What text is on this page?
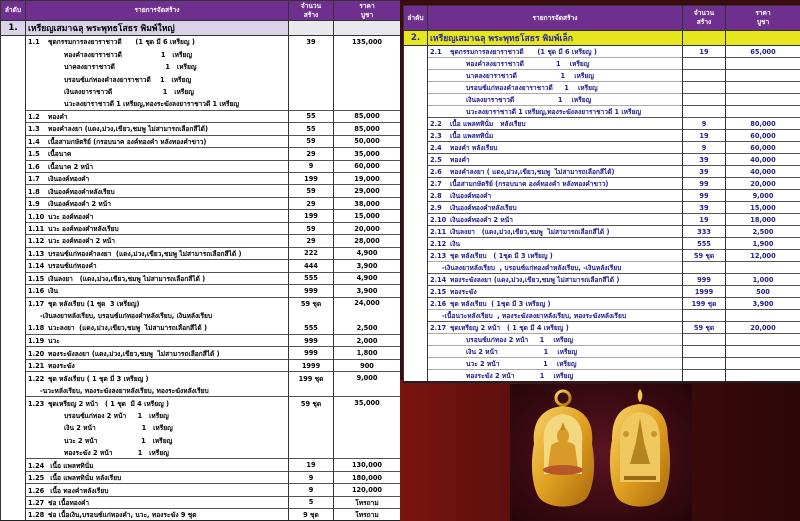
ลำดับ	รายการจัดสร้าง	จำนวน
สร้าง	ราคา
บูชา
1.	เหรียญเสมาฉลุ พระพุทธโสธร พิมพ์ใหญ่		
	1.1 ชุดกรรมการลงยาราชาวดี      (1 ชุด มี 6 เหรียญ )	39	135,000
	ทองคำลงยาราชาวดี                 1   เหรียญ		
	นาคลงยาราชาวดี                      1   เหรียญ		
	บรอนซ์แก่ทองคำลงยาราชาวดี    1   เหรียญ		
	เงินลงยาราชาวดี                      1   เหรียญ		
	นวะลงยาราชาวดี 1 เหรียญ,ทองระฆังลงยาราชาวดี 1 เหรียญ		
	1.2 ทองคำ	55	85,000
	1.3 ทองคำลงยา (แดง,ม่วง,เขียว,ชมพู ไม่สามารถเลือกสีได้)	55	85,000
	1.4 เนื้อสามกษัตริย์ (กรอบนาค องค์ทองคำ หลังทองคำขาว)	59	50,000
	1.5 เนื้อนาค	29	35,000
	1.6 เนื้อนาค 2 หน้า	9	60,000
	1.7 เงินองค์ทองคำ	199	19,000
	1.8 เงินองค์ทองคำหลังเรียบ	59	29,000
	1.9 เงินองค์ทองคำ 2 หน้า	29	38,000
	1.10 นวะ องค์ทองคำ	199	15,000
	1.11 นวะ องค์ทองคำหลังเรียบ	59	20,000
	1.12 นวะ องค์ทองคำ 2 หน้า	29	28,000
	1.13 บรอนซ์แก่ทองคำลงยา  (แดง,ม่วง,เขียว,ชมพู ไม่สามารถเลือกสีได้ )	222	4,900
	1.14 บรอนซ์แก่ทองคำ	444	3,900
	1.15 เงินลงยา   (แดง,ม่วง,เขียว,ชมพู ไม่สามารถเลือกสีได้ )	555	4,900
	1.16 เงิน	999	3,900
	1.17 ชุด หลังเรียบ (1 ชุด  3 เหรียญ)	59 ชุด	24,000
	-เงินลงยาหลังเรียบ, บรอนซ์แก่ทองคำหลังเรียบ, เงินหลังเรียบ		
	1.18 นวะลงยา  (แดง,ม่วง,เขียว,ชมพู  ไม่สามารถเลือกสีได้ )	555	2,500
	1.19 นวะ	999	2,000
	1.20 ทองระฆังลงยา (แดง,ม่วง,เขียว,ชมพู  ไม่สามารถเลือกสีได้ )	999	1,800
	1.21 ทองระฆัง	1999	900
	1.22 ชุด หลังเรียบ ( 1 ชุด มี 3 เหรียญ )	199 ชุด	9,000
	-นวะหลังเรียบ, ทองระฆังลงยาหลังเรียบ, ทองระฆังหลังเรียบ		
	1.23 ชุดเหรียญ 2 หน้า   ( 1 ชุด  มี 4 เหรียญ )	59 ชุด	35,000
	บรอนซ์แก่ทอง 2 หน้า     1   เหรียญ		
	เงิน 2 หน้า                    1   เหรียญ		
	นวะ 2 หน้า                   1   เหรียญ		
	ทองระฆัง 2 หน้า           1   เหรียญ		
	1.24 เนื้อ แพลททินั่ม	19	130,000
	1.25 เนื้อ แพลททินั่ม หลังเรียบ	9	180,000
	1.26 เนื้อ ทองคำหลังเรียบ	9	120,000
	1.27 ช่อ เนื้อทองคำ	5	โทรถาม
	1.28 ช่อ เนื้อเงิน,บรอนซ์แก่ทองคำ, นวะ, ทองระฆัง 9 ชุด	9 ชุด	โทรถาม
ลำดับ	รายการจัดสร้าง	จำนวน
สร้าง	ราคา
บูชา
2.	เหรียญเสมาฉลุ พระพุทธโสธร พิมพ์เล็ก		
	2.1 ชุดกรรมการลงยาราชาวดี      (1 ชุด มี 6 เหรียญ )	19	65,000
	ทองคำลงยาราชาวดี              1    เหรียญ		
	นาคลงยาราชาวดี                   1    เหรียญ		
	บรอนซ์แก่ทองคำลงยาราชาวดี     1    เหรียญ		
	เงินลงยาราชาวดี                   1    เหรียญ		
	นวะลงยาราชาวดี 1 เหรียญ,ทองระฆังลงยาราชาวดี 1 เหรียญ		
	2.2 เนื้อ แพลททินั่ม   หลังเรียบ	9	80,000
	2.3 เนื้อ แพลททินั่ม	19	60,000
	2.4 ทองคำ หลังเรียบ	9	60,000
	2.5 ทองคำ	39	40,000
	2.6 ทองคำลงยา ( แดง,ม่วง,เขียว,ชมพู  ไม่สามารถเลือกสีได้)	39	40,000
	2.7 เนื้อสามกษัตริย์ (กรอบนาค องค์ทองคำ หลังทองคำขาว)	99	20,000
	2.8 เงินองค์ทองคำ	99	9,000
	2.9 เงินองค์ทองคำหลังเรียบ	39	15,000
	2.10 เงินองค์ทองคำ 2 หน้า	19	18,000
	2.11 เงินลงยา   (แดง,ม่วง,เขียว,ชมพู  ไม่สามารถเลือกสีได้ )	333	2,500
	2.12 เงิน	555	1,900
	2.13 ชุด หลังเรียบ   ( 1ชุด มี 3 เหรียญ )	59 ชุด	12,000
	-เงินลงยาหลังเรียบ  , บรอนซ์แก่ทองคำหลังเรียบ, -เงินหลังเรียบ		
	2.14 ทองระฆังลงยา (แดง,ม่วง,เขียว,ชมพู ไม่สามารถเลือกสีได้ )	999	1,000
	2.15 ทองระฆัง	1999	500
	2.16 ชุด หลังเรียบ  ( 1ชุด มี 3 เหรียญ )	199 ชุด	3,900
	-เนื้อนวะหลังเรียบ  , ทองระฆังลงยาหลังเรียบ, ทองระฆังหลังเรียบ		
	2.17 ชุดเหรียญ 2 หน้า   ( 1 ชุด มี 4 เหรียญ )	59 ชุด	20,000
	บรอนซ์แก่ทอง 2 หน้า     1    เหรียญ		
	เงิน 2 หน้า                    1    เหรียญ		
	นวะ 2 หน้า                   1    เหรียญ		
	ทองระฆัง 2 หน้า           1    เหรียญ		
